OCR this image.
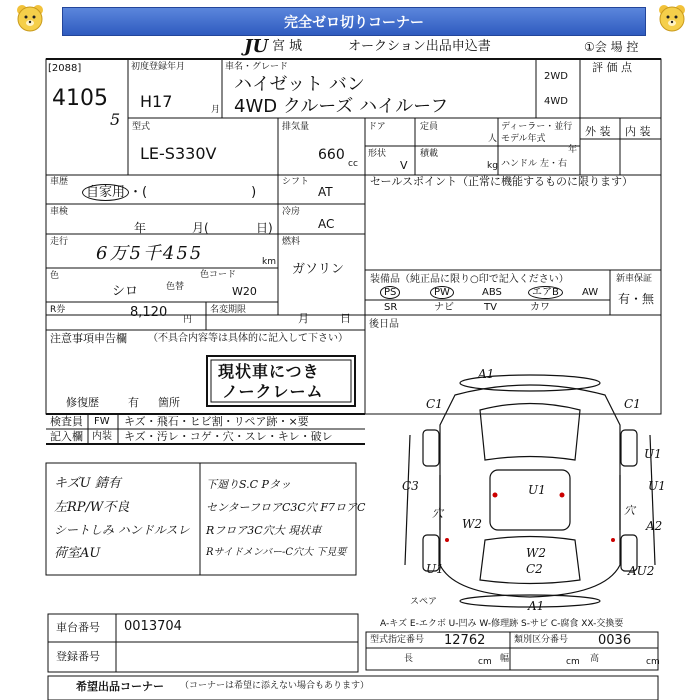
完全ゼロ切りコーナー
JU 宮 城	オークション出品申込書	①会 場 控
[2088]
4105
5
初度登録年月
H17	月
車名・グレード
ハイゼット バン
4WD クルーズ ハイルーフ
2WD
4WD
評 価 点
型式
LE-S330V
排気量
660
cc
ドア	定員
人
ディーラー・並行
モデル年式
年
形状
V
積載
kg ハンドル 左・右
外 装 内 装
車歴
自家用 ・(　　　　　　　　)
シフト
AT
セールスポイント（正常に機能するものに限ります）
車検
年	月(	日)
冷房
AC
走行
6万5千455	km
燃料
ガソリン
色
シロ	色替
色コード
W20
R券	8,120 円
名変期限
月	日
装備品（純正品に限り○印で記入ください）
PS	PW	ABS	エアB	AW
SR	ナビ	TV	カワ
新車保証
有・無
後日品
注意事項申告欄 （不具合内容等は具体的に記入して下さい）
現状車につき
ノークレーム
修復歴	有 箇所
検査員
記入欄
FW
内装
キズ・飛石・ヒビ割・リペア跡・×要
キズ・汚レ・コゲ・穴・スレ・キレ・破レ
キズU 錆有
左RP/W不良
シートしみ ハンドルスレ
荷室AU
下廻りS.C Pタッ
センターフロアC3C穴 F7ロアC
Rフロア3C穴大 現状車
Rサイドメンバー-C穴大 下見要
A1
C1	C1
U1
C3	U1	U1
穴
W2	A2
W2
C2
U1	AU2
A1
穴
スペア
A-キズ E-エクボ U-凹み W-修理跡 S-サビ C-腐食 XX-交換要
車台番号 0013704
登録番号
型式指定番号 12762	類別区分番号 0036
長	cm 幅	cm 高	cm
希望出品コーナー （コーナーは希望に添えない場合もあります）
